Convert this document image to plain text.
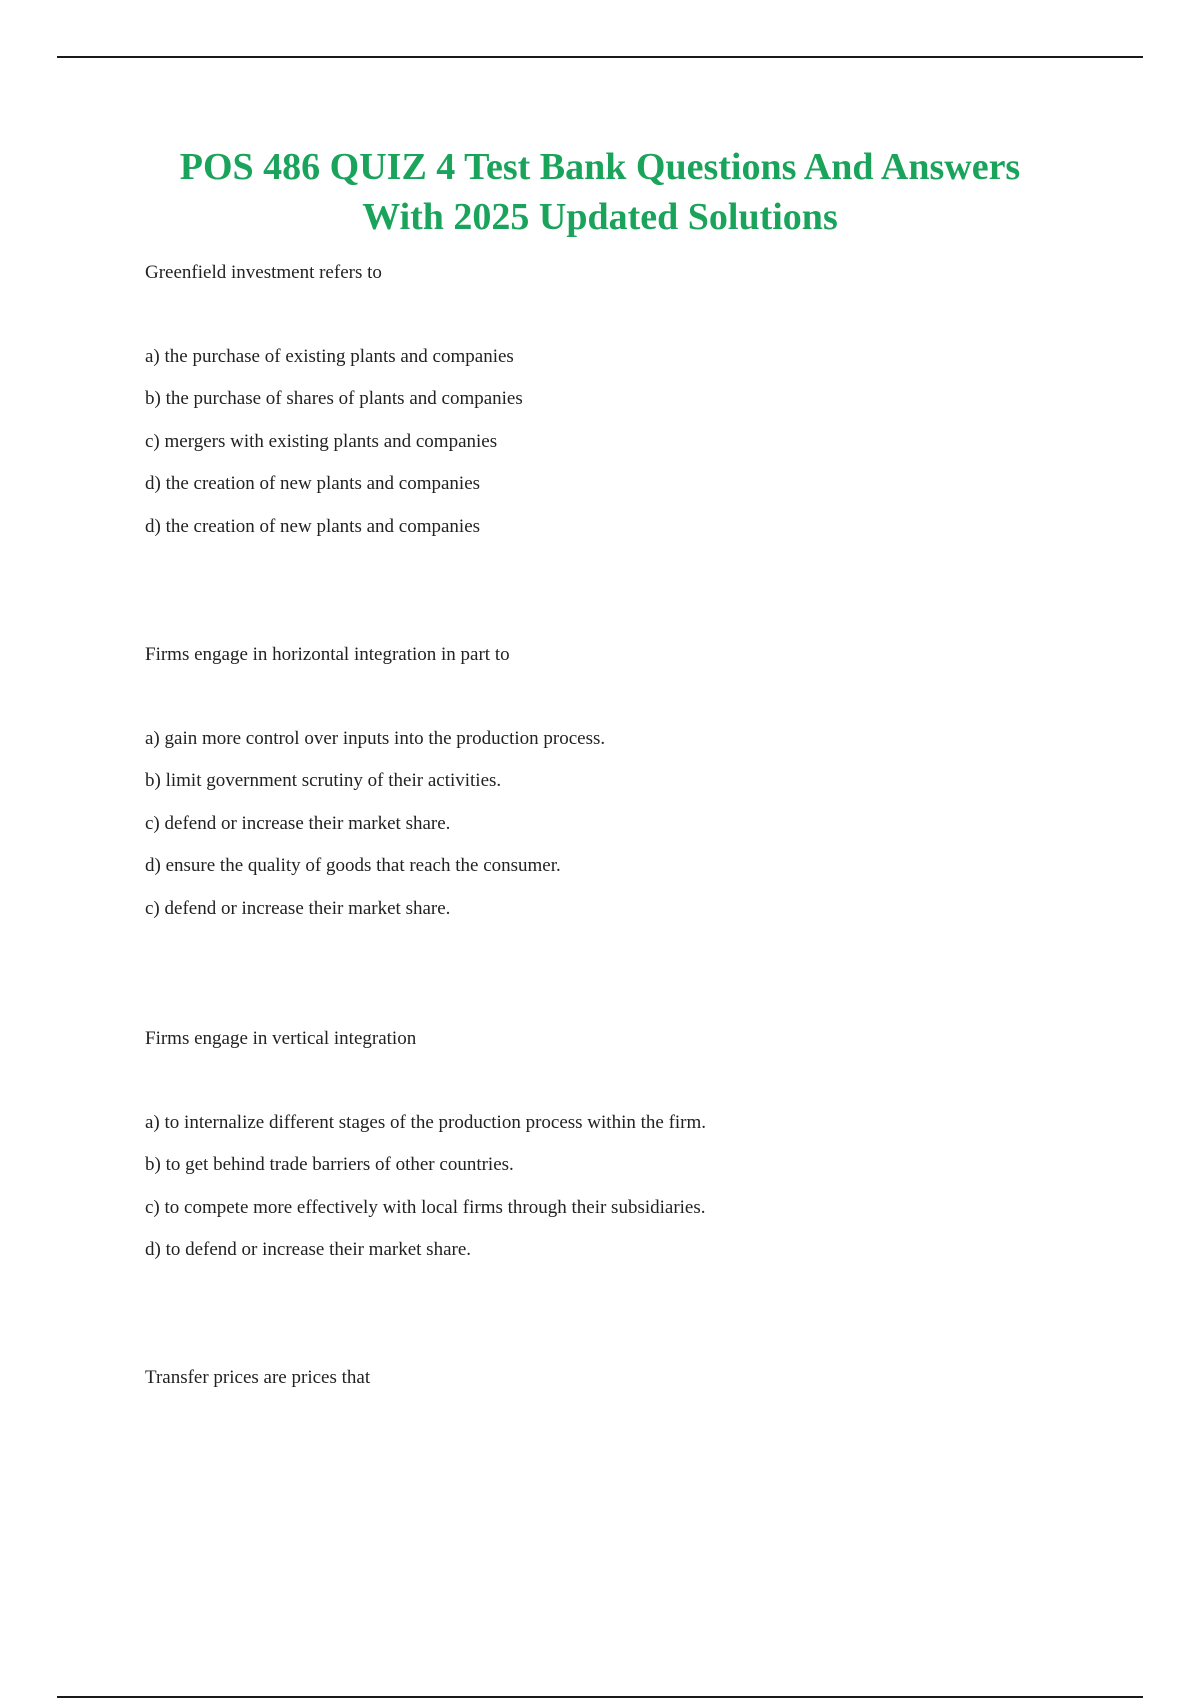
POS 486 QUIZ 4 Test Bank Questions And Answers
With 2025 Updated Solutions

Greenfield investment refers to

a) the purchase of existing plants and companies

b) the purchase of shares of plants and companies

c) mergers with existing plants and companies

d) the creation of new plants and companies

d) the creation of new plants and companies

Firms engage in horizontal integration in part to

a) gain more control over inputs into the production process.

b) limit government scrutiny of their activities.

c) defend or increase their market share.

d) ensure the quality of goods that reach the consumer.

c) defend or increase their market share.

Firms engage in vertical integration

a) to internalize different stages of the production process within the firm.

b) to get behind trade barriers of other countries.

c) to compete more effectively with local firms through their subsidiaries.

d) to defend or increase their market share.

Transfer prices are prices that
